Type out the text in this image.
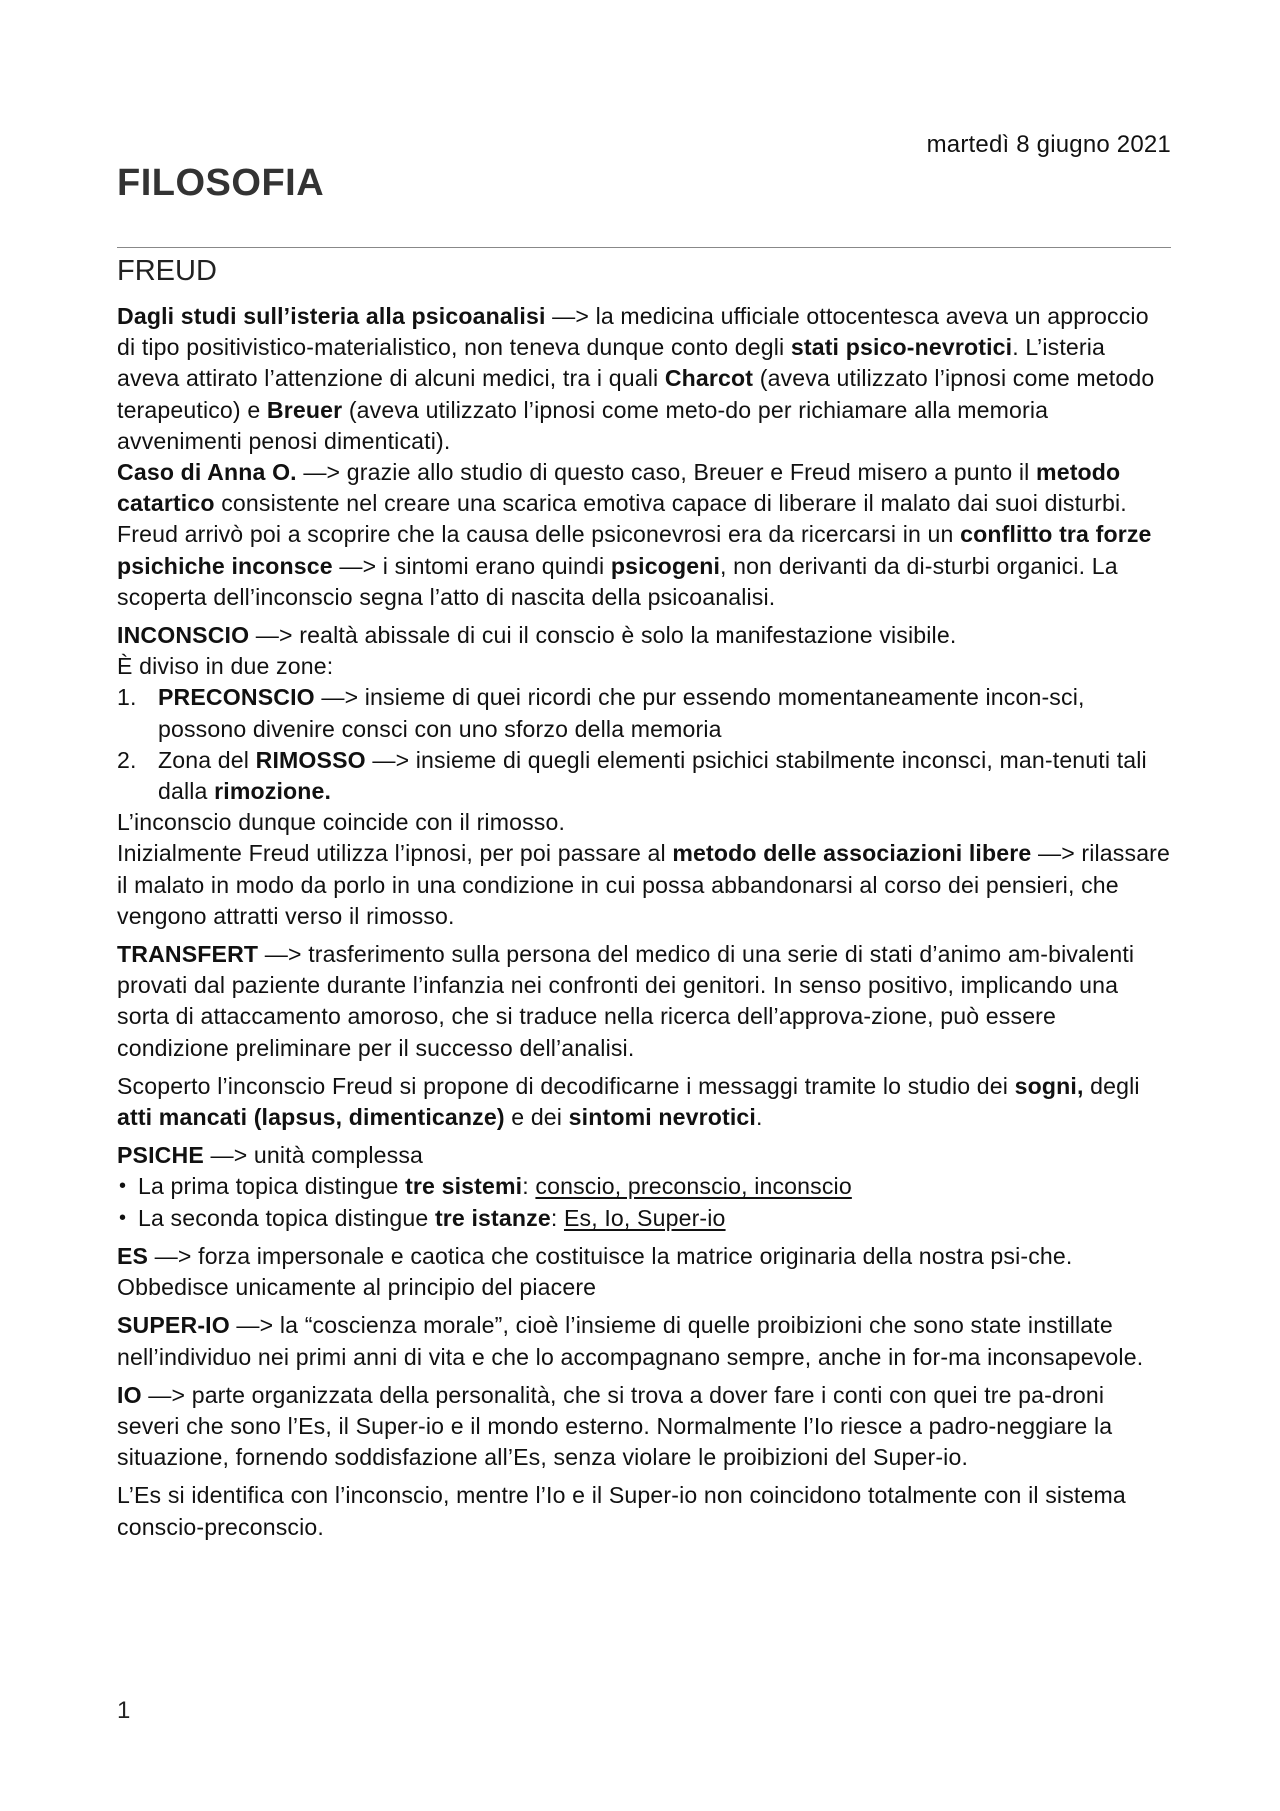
martedì 8 giugno 2021
FILOSOFIA
FREUD

Dagli studi sull’isteria alla psicoanalisi —> la medicina ufficiale ottocentesca aveva un approccio di tipo positivistico-materialistico, non teneva dunque conto degli stati psico-nevrotici. L’isteria aveva attirato l’attenzione di alcuni medici, tra i quali Charcot (aveva utilizzato l’ipnosi come metodo terapeutico) e Breuer (aveva utilizzato l’ipnosi come meto-do per richiamare alla memoria avvenimenti penosi dimenticati).

Caso di Anna O. —> grazie allo studio di questo caso, Breuer e Freud misero a punto il metodo catartico consistente nel creare una scarica emotiva capace di liberare il malato dai suoi disturbi.

Freud arrivò poi a scoprire che la causa delle psiconevrosi era da ricercarsi in un conflitto tra forze psichiche inconsce —> i sintomi erano quindi psicogeni, non derivanti da di-sturbi organici. La scoperta dell’inconscio segna l’atto di nascita della psicoanalisi.

INCONSCIO —> realtà abissale di cui il conscio è solo la manifestazione visibile.

È diviso in due zone:

1. PRECONSCIO —> insieme di quei ricordi che pur essendo momentaneamente incon-sci, possono divenire consci con uno sforzo della memoria
2. Zona del RIMOSSO —> insieme di quegli elementi psichici stabilmente inconsci, man-tenuti tali dalla rimozione.

L’inconscio dunque coincide con il rimosso.

Inizialmente Freud utilizza l’ipnosi, per poi passare al metodo delle associazioni libere —> rilassare il malato in modo da porlo in una condizione in cui possa abbandonarsi al corso dei pensieri, che vengono attratti verso il rimosso.

TRANSFERT —> trasferimento sulla persona del medico di una serie di stati d’animo am-bivalenti provati dal paziente durante l’infanzia nei confronti dei genitori. In senso positivo, implicando una sorta di attaccamento amoroso, che si traduce nella ricerca dell’approva-zione, può essere condizione preliminare per il successo dell’analisi.

Scoperto l’inconscio Freud si propone di decodificarne i messaggi tramite lo studio dei sogni, degli atti mancati (lapsus, dimenticanze) e dei sintomi nevrotici.

PSICHE —> unità complessa

• La prima topica distingue tre sistemi: conscio, preconscio, inconscio
• La seconda topica distingue tre istanze: Es, Io, Super-io

ES —> forza impersonale e caotica che costituisce la matrice originaria della nostra psi-che. Obbedisce unicamente al principio del piacere

SUPER-IO —> la “coscienza morale”, cioè l’insieme di quelle proibizioni che sono state instillate nell’individuo nei primi anni di vita e che lo accompagnano sempre, anche in for-ma inconsapevole.

IO —> parte organizzata della personalità, che si trova a dover fare i conti con quei tre pa-droni severi che sono l’Es, il Super-io e il mondo esterno. Normalmente l’Io riesce a padro-neggiare la situazione, fornendo soddisfazione all’Es, senza violare le proibizioni del Super-io.

L’Es si identifica con l’inconscio, mentre l’Io e il Super-io non coincidono totalmente con il sistema conscio-preconscio.

1
